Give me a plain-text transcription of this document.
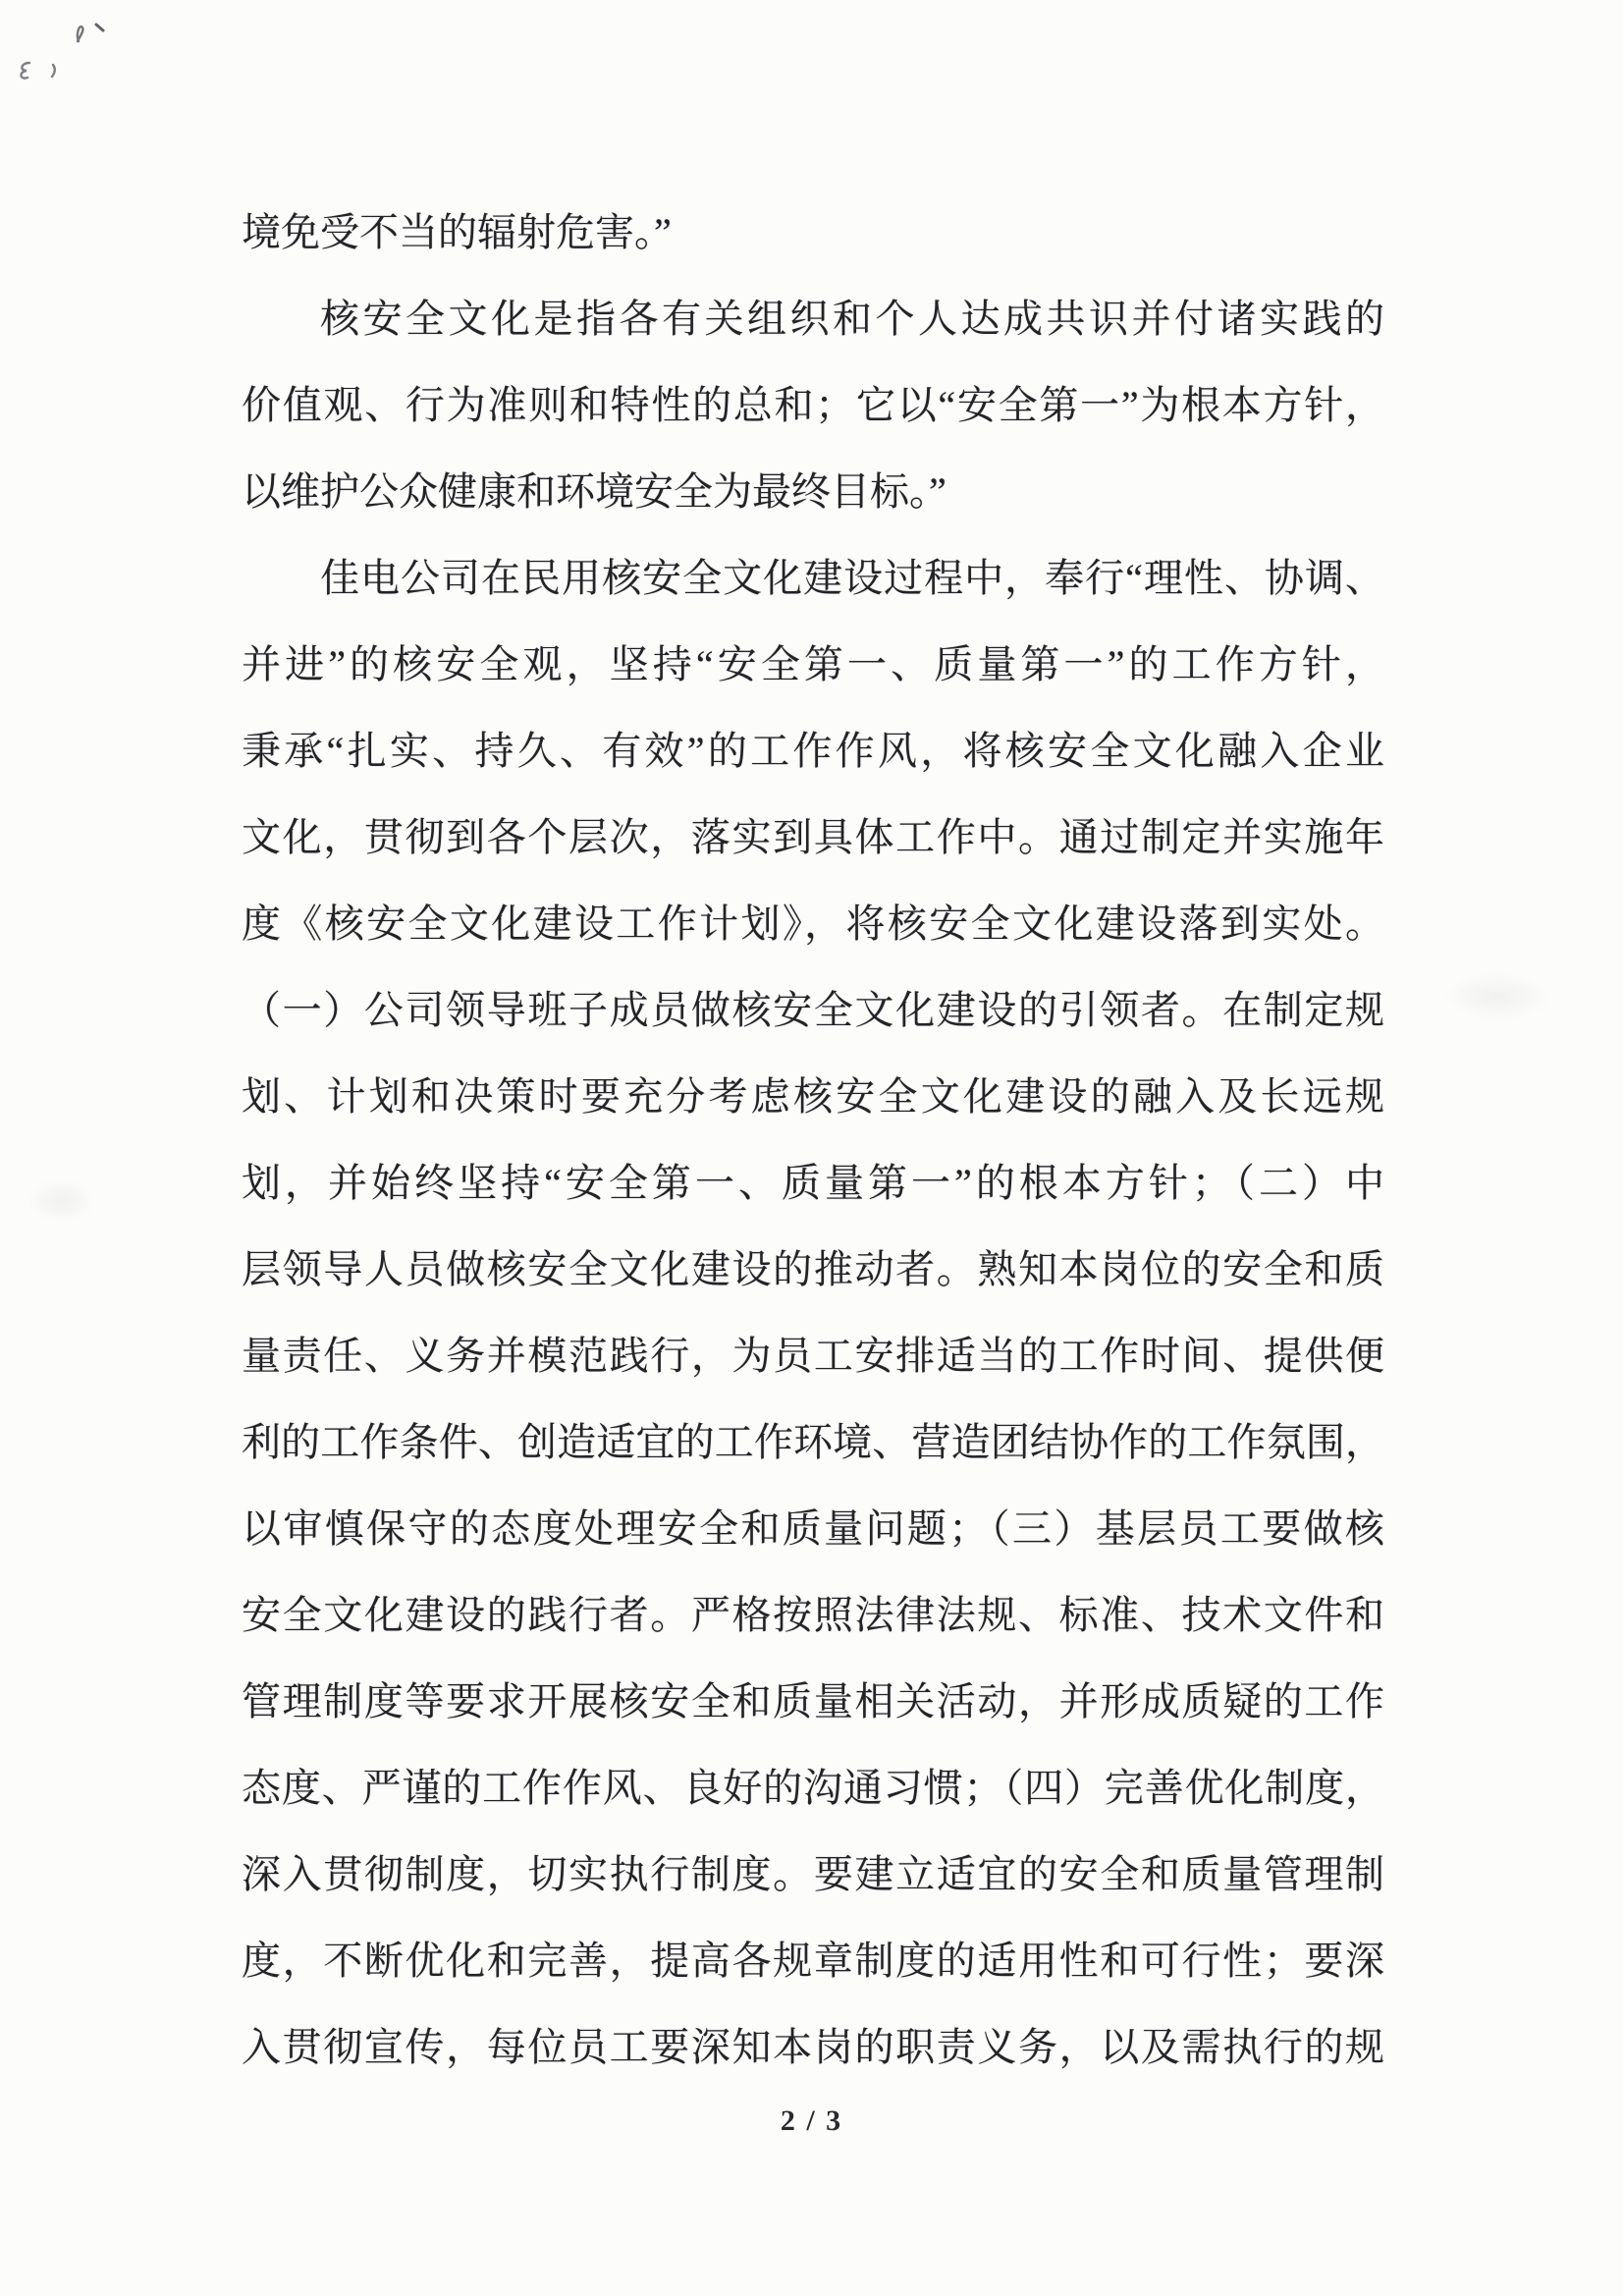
境免受不当的辐射危害。”
核安全文化是指各有关组织和个人达成共识并付诸实践的
价值观、行为准则和特性的总和；它以“安全第一”为根本方针，
以维护公众健康和环境安全为最终目标。”
佳电公司在民用核安全文化建设过程中，奉行“理性、协调、
并进”的核安全观，坚持“安全第一、质量第一”的工作方针，
秉承“扎实、持久、有效”的工作作风，将核安全文化融入企业
文化，贯彻到各个层次，落实到具体工作中。通过制定并实施年
度《核安全文化建设工作计划》，将核安全文化建设落到实处。
（一）公司领导班子成员做核安全文化建设的引领者。在制定规
划、计划和决策时要充分考虑核安全文化建设的融入及长远规
划，并始终坚持“安全第一、质量第一”的根本方针；（二）中
层领导人员做核安全文化建设的推动者。熟知本岗位的安全和质
量责任、义务并模范践行，为员工安排适当的工作时间、提供便
利的工作条件、创造适宜的工作环境、营造团结协作的工作氛围，
以审慎保守的态度处理安全和质量问题；（三）基层员工要做核
安全文化建设的践行者。严格按照法律法规、标准、技术文件和
管理制度等要求开展核安全和质量相关活动，并形成质疑的工作
态度、严谨的工作作风、良好的沟通习惯；（四）完善优化制度，
深入贯彻制度，切实执行制度。要建立适宜的安全和质量管理制
度，不断优化和完善，提高各规章制度的适用性和可行性；要深
入贯彻宣传，每位员工要深知本岗的职责义务，以及需执行的规
2 / 3
